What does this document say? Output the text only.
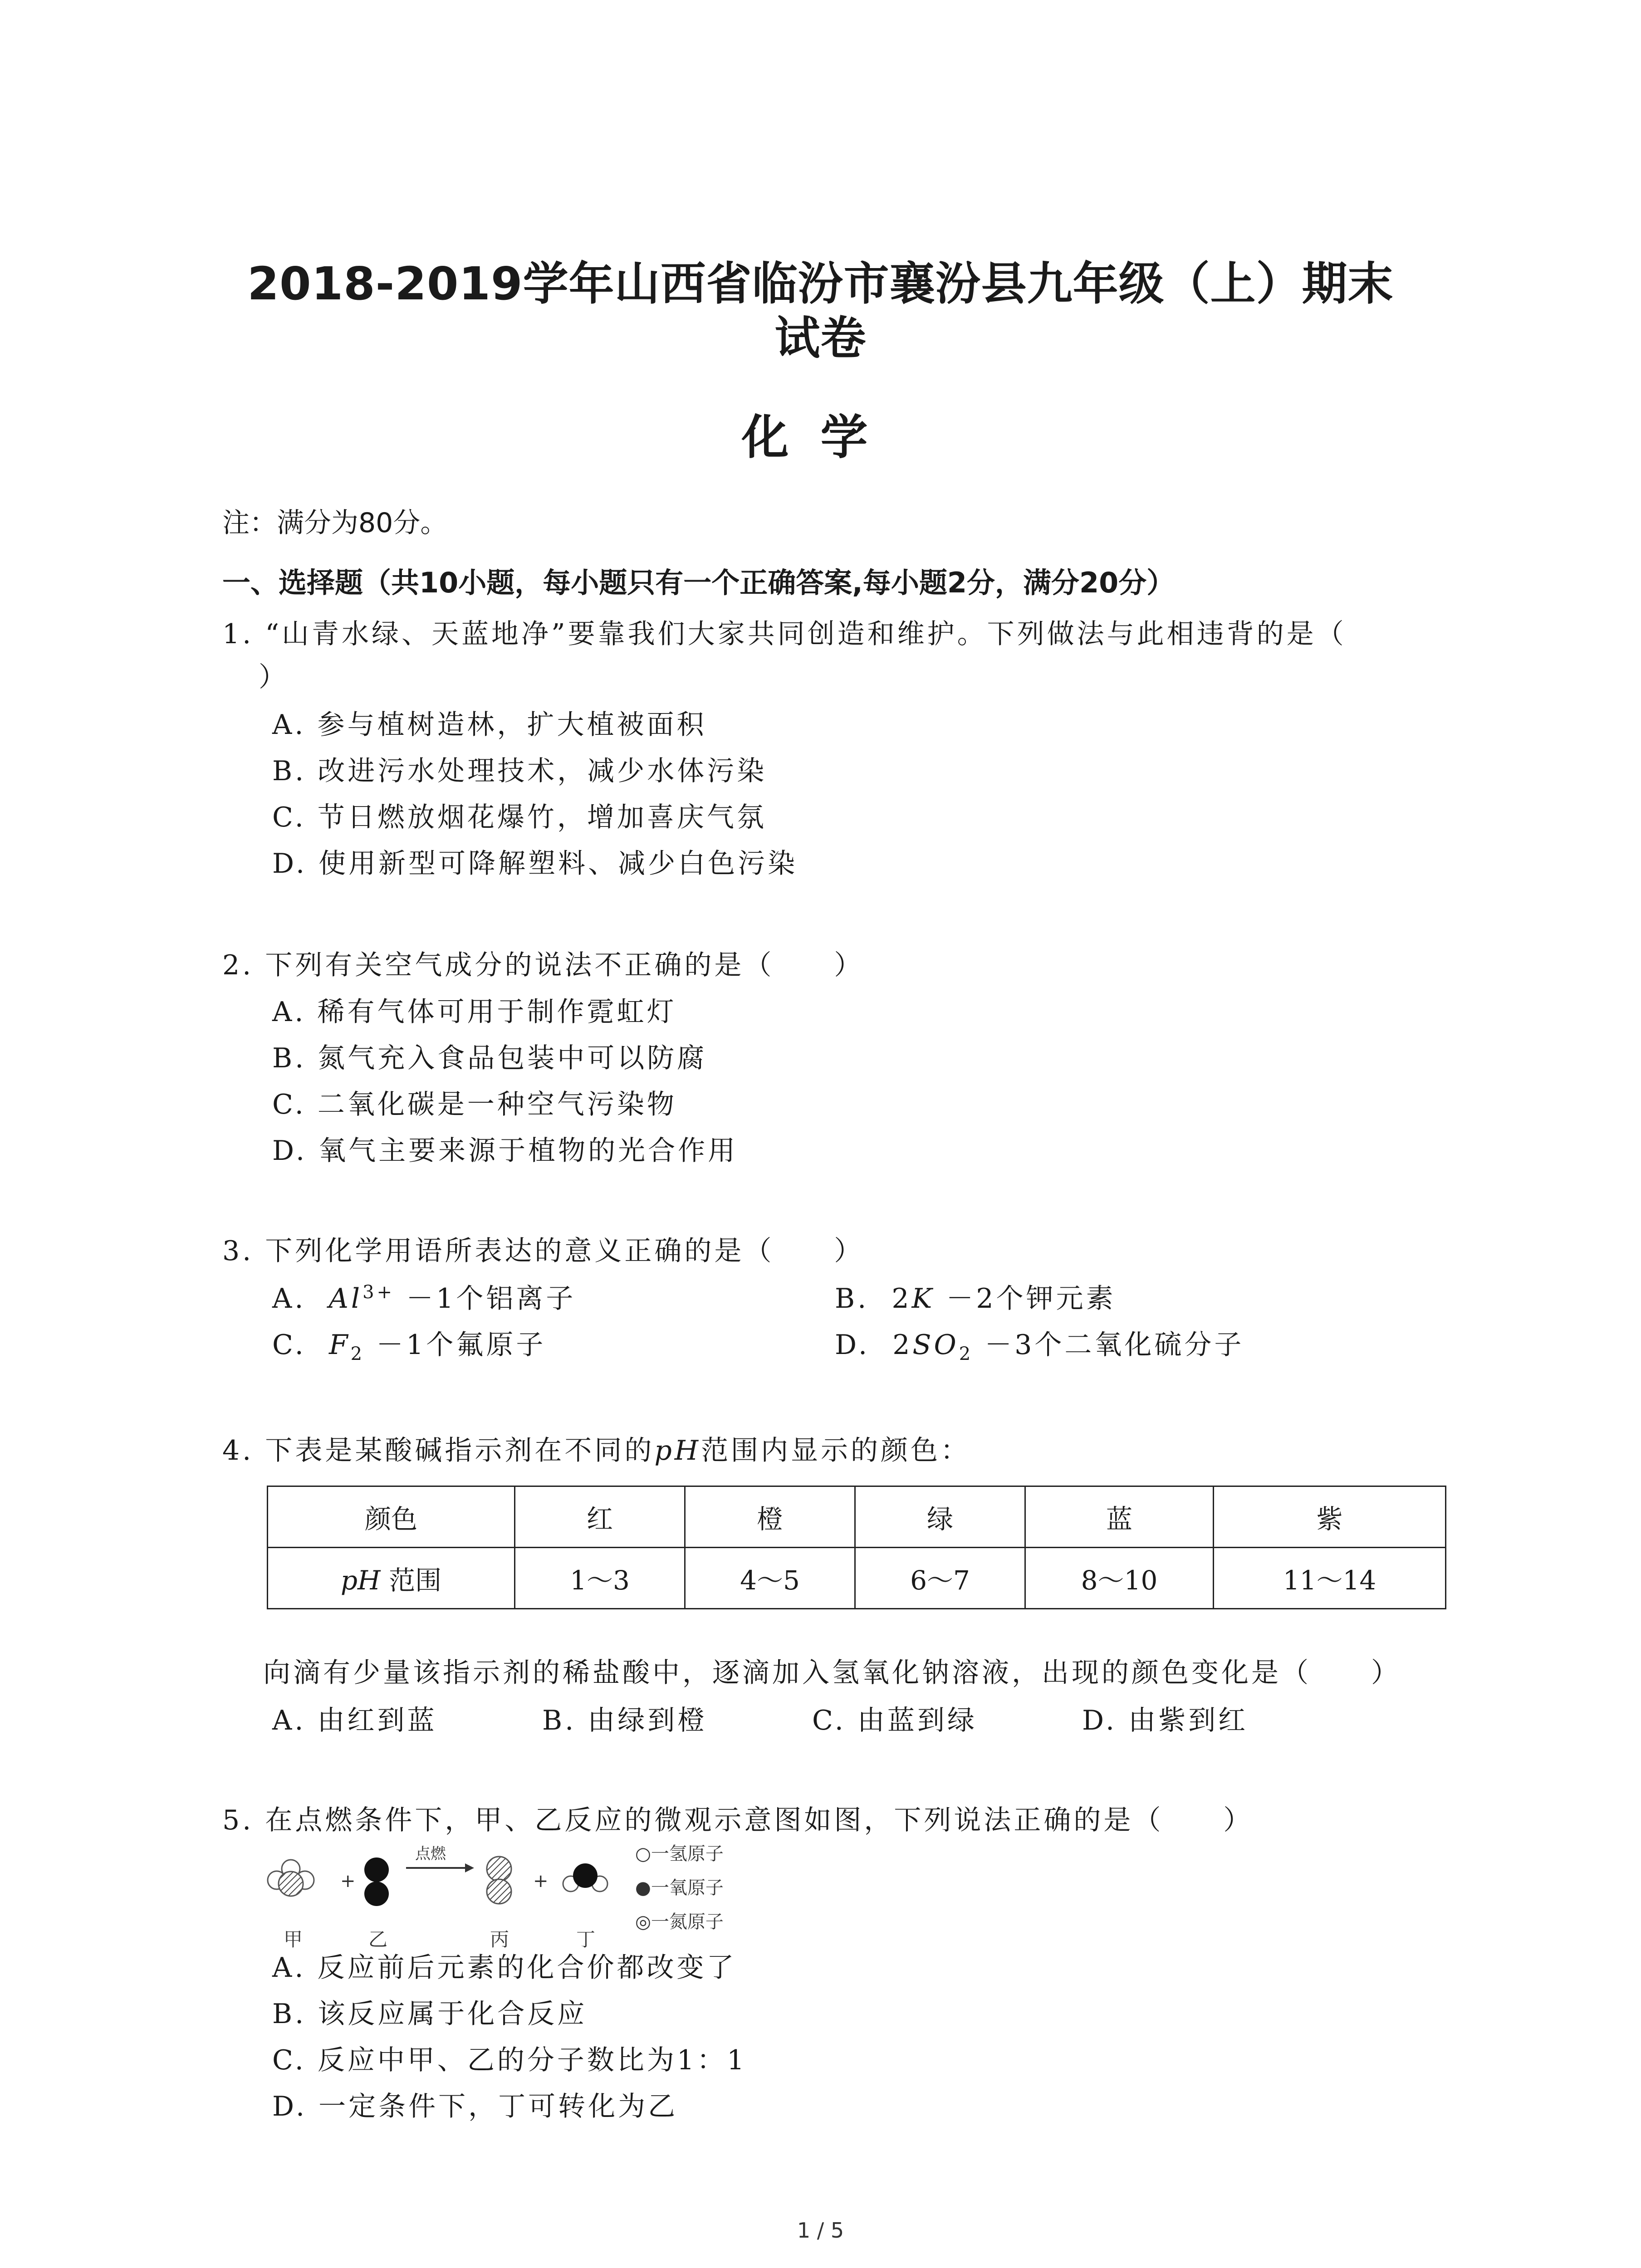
2018-2019学年山西省临汾市襄汾县九年级（上）期末
试卷
化学
注：满分为80分。
一、选择题（共10小题，每小题只有一个正确答案,每小题2分，满分20分）
1. “山青水绿、天蓝地净”要靠我们大家共同创造和维护。下列做法与此相违背的是（
）
A. 参与植树造林，扩大植被面积
B. 改进污水处理技术，减少水体污染
C. 节日燃放烟花爆竹，增加喜庆气氛
D. 使用新型可降解塑料、减少白色污染
2. 下列有关空气成分的说法不正确的是（　　）
A. 稀有气体可用于制作霓虹灯
B. 氮气充入食品包装中可以防腐
C. 二氧化碳是一种空气污染物
D. 氧气主要来源于植物的光合作用
3. 下列化学用语所表达的意义正确的是（　　）
A. $Al^{3+} -1$个铝离子	B. 2K －2个钾元素
C. $F_2 -1$个氟原子	D. $2SO_2 -3$个二氧化硫分子
4. 下表是某酸碱指示剂在不同的pH范围内显示的颜色：
颜色	红	橙	绿	蓝	紫
pH 范围	1～3	4～5	6～7	8～10	11～14
向滴有少量该指示剂的稀盐酸中，逐滴加入氢氧化钠溶液，出现的颜色变化是（　　）
A. 由红到蓝	B. 由绿到橙	C. 由蓝到绿	D. 由紫到红
5. 在点燃条件下，甲、乙反应的微观示意图如图，下列说法正确的是（　　）
+
点燃
+
甲	乙	丙	丁
○一氢原子
●一氧原子
◎一氮原子
A. 反应前后元素的化合价都改变了
B. 该反应属于化合反应
C. 反应中甲、乙的分子数比为1：1
D. 一定条件下，丁可转化为乙
1 / 5
